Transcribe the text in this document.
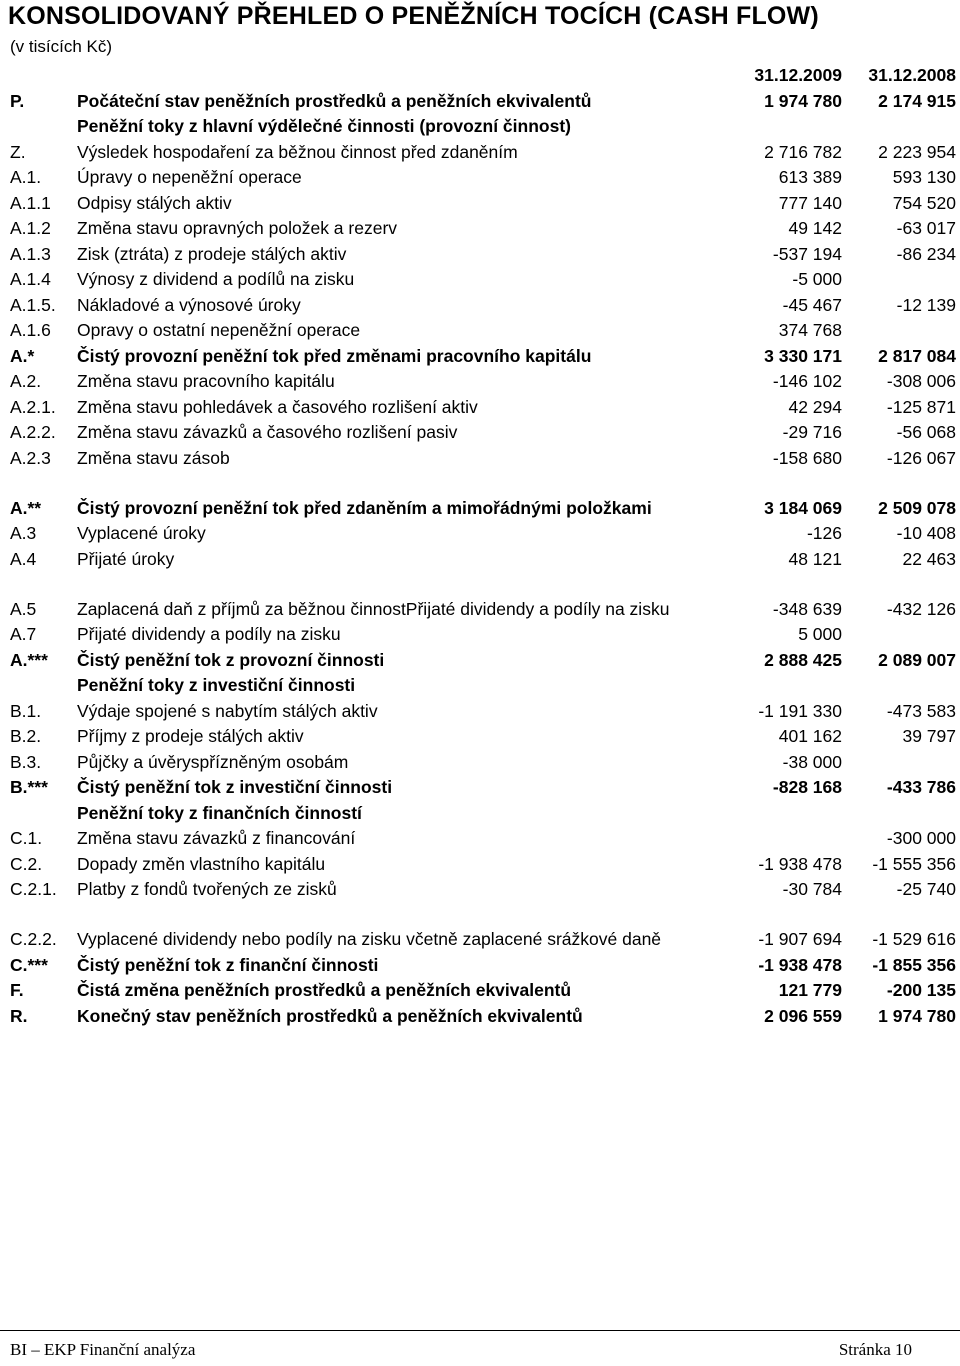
KONSOLIDOVANÝ PŘEHLED O PENĚŽNÍCH TOCÍCH (CASH FLOW)
(v tisících Kč)
		31.12.2009	31.12.2008
P.	Počáteční stav peněžních prostředků a peněžních ekvivalentů	1 974 780	2 174 915
	Peněžní toky z hlavní výdělečné činnosti (provozní činnost)		
Z.	Výsledek hospodaření za běžnou činnost před zdaněním	2 716 782	2 223 954
A.1.	Úpravy o nepeněžní operace	613 389	593 130
A.1.1	Odpisy stálých aktiv	777 140	754 520
A.1.2	Změna stavu opravných položek a rezerv	49 142	-63 017
A.1.3	Zisk (ztráta) z prodeje stálých aktiv	-537 194	-86 234
A.1.4	Výnosy z dividend a podílů na zisku	-5 000	
A.1.5.	Nákladové a výnosové úroky	-45 467	-12 139
A.1.6	Opravy o ostatní nepeněžní operace	374 768	
A.*	Čistý provozní peněžní tok před změnami pracovního kapitálu	3 330 171	2 817 084
A.2.	Změna stavu pracovního kapitálu	-146 102	-308 006
A.2.1.	Změna stavu pohledávek a časového rozlišení aktiv	42 294	-125 871
A.2.2.	Změna stavu závazků a časového rozlišení pasiv	-29 716	-56 068
A.2.3	Změna stavu zásob	-158 680	-126 067
A.**	Čistý provozní peněžní tok před zdaněním a mimořádnými položkami	3 184 069	2 509 078
A.3	Vyplacené úroky	-126	-10 408
A.4	Přijaté úroky	48 121	22 463
A.5	Zaplacená daň z příjmů za běžnou činnostPřijaté dividendy a podíly na zisku	-348 639	-432 126
A.7	Přijaté dividendy a podíly na zisku	5 000	
A.***	Čistý peněžní tok z provozní činnosti	2 888 425	2 089 007
	Peněžní toky z investiční činnosti		
B.1.	Výdaje spojené s nabytím stálých aktiv	-1 191 330	-473 583
B.2.	Příjmy z prodeje stálých aktiv	401 162	39 797
B.3.	Půjčky a úvěryspřízněným osobám	-38 000	
B.***	Čistý peněžní tok z investiční činnosti	-828 168	-433 786
	Peněžní toky z finančních činností		
C.1.	Změna stavu závazků z financování		-300 000
C.2.	Dopady změn vlastního kapitálu	-1 938 478	-1 555 356
C.2.1.	Platby z fondů tvořených ze zisků	-30 784	-25 740
C.2.2.	Vyplacené dividendy nebo podíly na zisku včetně zaplacené srážkové daně	-1 907 694	-1 529 616
C.***	Čistý peněžní tok z finanční činnosti	-1 938 478	-1 855 356
F.	Čistá změna peněžních prostředků a peněžních ekvivalentů	121 779	-200 135
R.	Konečný stav peněžních prostředků a peněžních ekvivalentů	2 096 559	1 974 780
BI – EKP Finanční analýza	Stránka 10
